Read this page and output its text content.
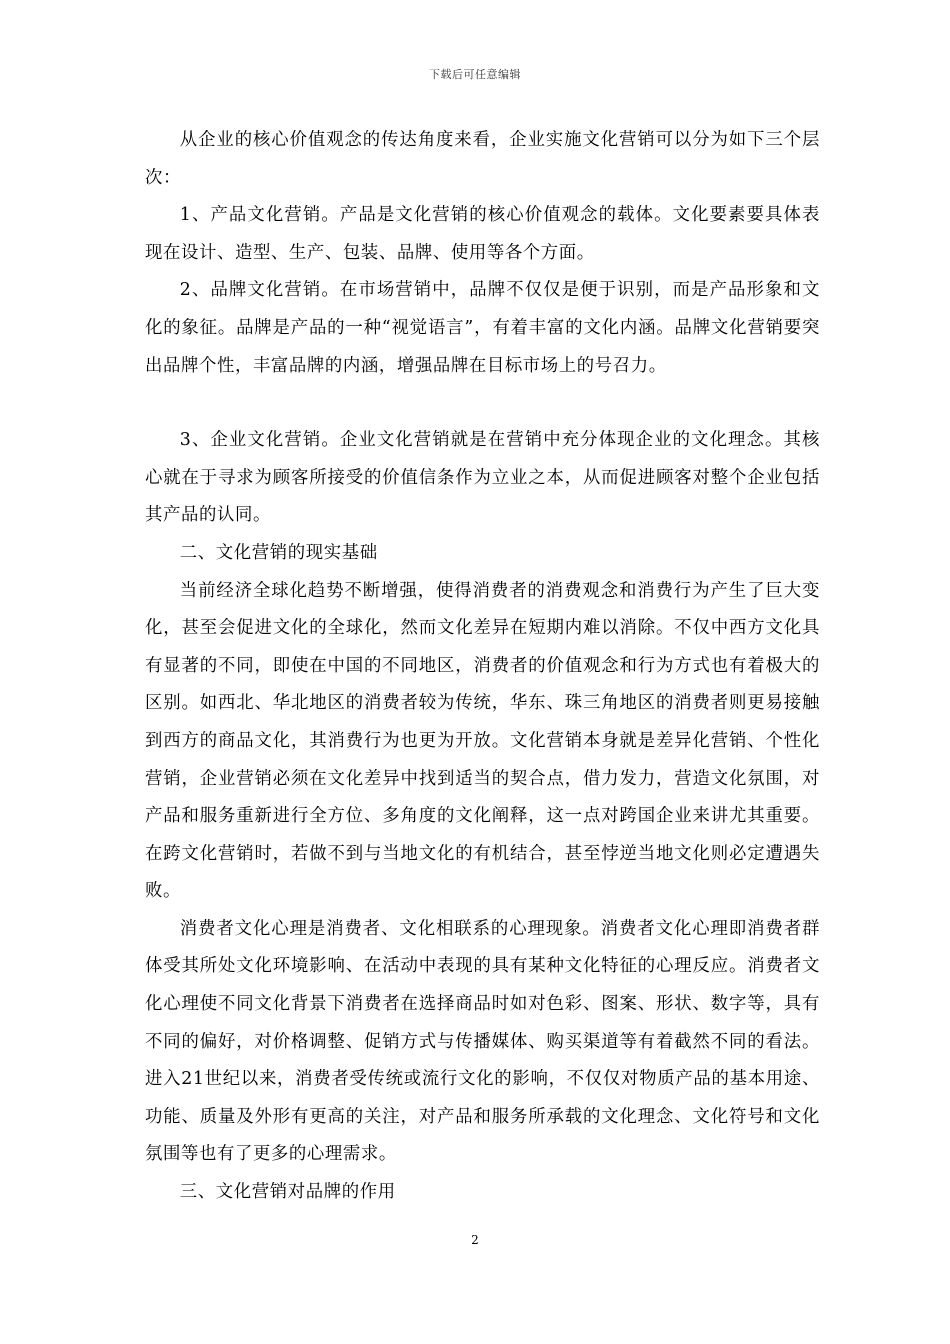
下载后可任意编辑

从企业的核心价值观念的传达角度来看，企业实施文化营销可以分为如下三个层次：

1、产品文化营销。产品是文化营销的核心价值观念的载体。文化要素要具体表现在设计、造型、生产、包装、品牌、使用等各个方面。

2、品牌文化营销。在市场营销中，品牌不仅仅是便于识别，而是产品形象和文化的象征。品牌是产品的一种“视觉语言”，有着丰富的文化内涵。品牌文化营销要突出品牌个性，丰富品牌的内涵，增强品牌在目标市场上的号召力。

3、企业文化营销。企业文化营销就是在营销中充分体现企业的文化理念。其核心就在于寻求为顾客所接受的价值信条作为立业之本，从而促进顾客对整个企业包括其产品的认同。

二、文化营销的现实基础

当前经济全球化趋势不断增强，使得消费者的消费观念和消费行为产生了巨大变化，甚至会促进文化的全球化，然而文化差异在短期内难以消除。不仅中西方文化具有显著的不同，即使在中国的不同地区，消费者的价值观念和行为方式也有着极大的区别。如西北、华北地区的消费者较为传统，华东、珠三角地区的消费者则更易接触到西方的商品文化，其消费行为也更为开放。文化营销本身就是差异化营销、个性化营销，企业营销必须在文化差异中找到适当的契合点，借力发力，营造文化氛围，对产品和服务重新进行全方位、多角度的文化阐释，这一点对跨国企业来讲尤其重要。在跨文化营销时，若做不到与当地文化的有机结合，甚至悖逆当地文化则必定遭遇失败。

消费者文化心理是消费者、文化相联系的心理现象。消费者文化心理即消费者群体受其所处文化环境影响、在活动中表现的具有某种文化特征的心理反应。消费者文化心理使不同文化背景下消费者在选择商品时如对色彩、图案、形状、数字等，具有不同的偏好，对价格调整、促销方式与传播媒体、购买渠道等有着截然不同的看法。进入21世纪以来，消费者受传统或流行文化的影响，不仅仅对物质产品的基本用途、功能、质量及外形有更高的关注，对产品和服务所承载的文化理念、文化符号和文化氛围等也有了更多的心理需求。

三、文化营销对品牌的作用

2
